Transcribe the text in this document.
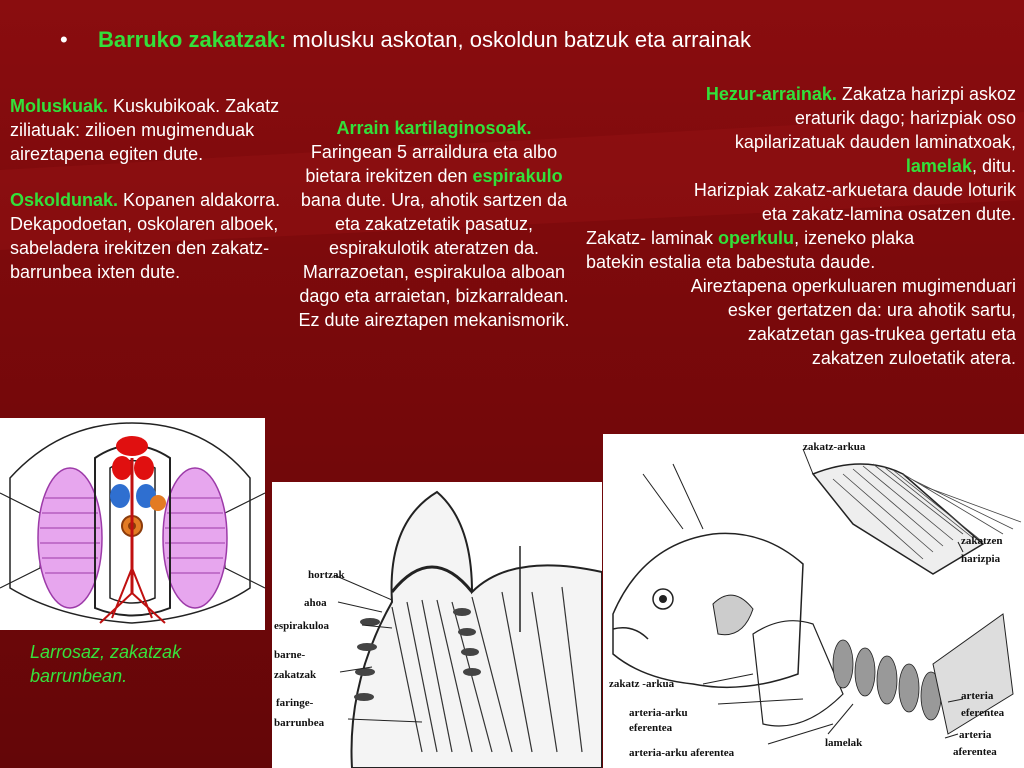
• Barruko zakatzak: molusku askotan, oskoldun batzuk eta arrainak

Moluskuak. Kuskubikoak. Zakatz ziliatuak: zilioen mugimenduak aireztapena egiten dute.

Oskoldunak. Kopanen aldakorra. Dekapodoetan, oskolaren alboek, sabeladera irekitzen den zakatz-barrunbea ixten dute.

Arrain kartilaginosoak. Faringean 5 arraildura eta albo bietara irekitzen den espirakulo bana dute. Ura, ahotik sartzen da eta zakatzetatik pasatuz, espirakulotik ateratzen da. Marrazoetan, espirakuloa alboan dago eta arraietan, bizkarraldean.

Ez dute aireztapen mekanismorik.

Hezur-arrainak. Zakatza harizpi askoz
eraturik dago; harizpiak oso
kapilarizatuak dauden laminatxoak,
lamelak, ditu.
Harizpiak zakatz-arkuetara daude loturik
eta zakatz-lamina osatzen dute.
Zakatz- laminak operkulu, izeneko plaka
batekin estalia eta babestuta daude.
Aireztapena operkuluaren mugimenduari
esker gertatzen da: ura ahotik sartu,
zakatzetan gas-trukea gertatu eta
zakatzen zuloetatik atera.
Larrosaz, zakatzak barrunbean.
hortzak
ahoa
espirakuloa
barne-
zakatzak
faringe-
barrunbea
zakatz-arkua
zakatzen
harizpia
zakatz -arkua
arteria-arku
eferentea
arteria-arku aferentea
lamelak
arteria
eferentea
arteria
aferentea
